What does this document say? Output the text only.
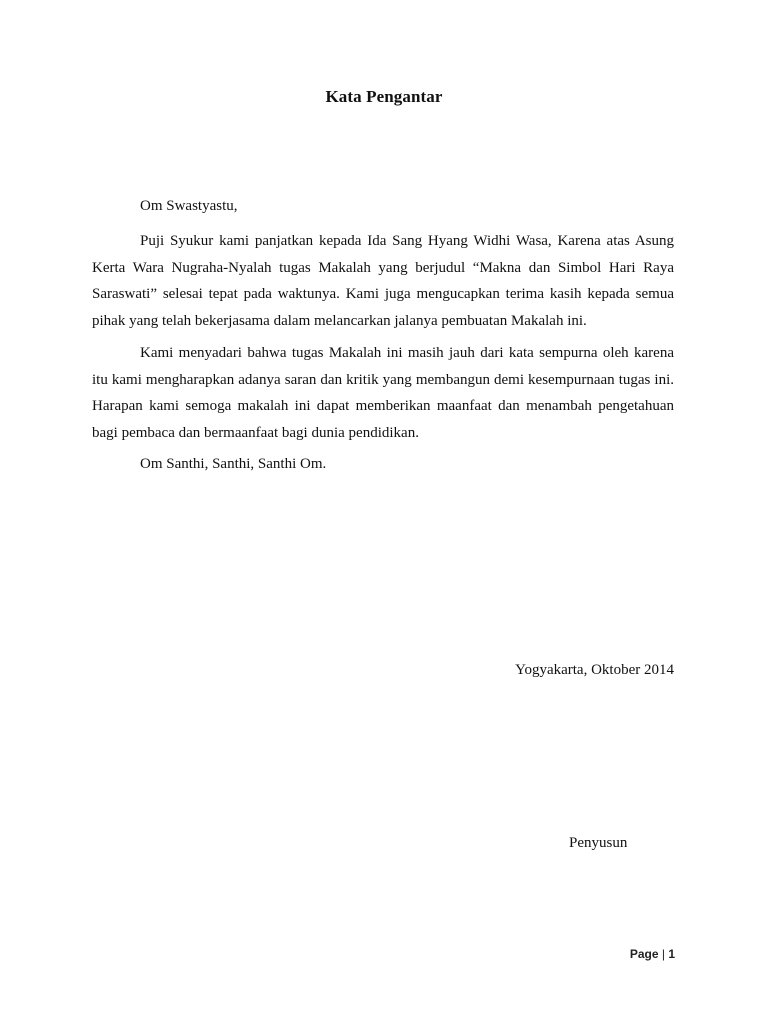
Kata Pengantar
Om Swastyastu,

Puji Syukur kami panjatkan kepada Ida Sang Hyang Widhi Wasa, Karena atas Asung Kerta Wara Nugraha-Nyalah tugas Makalah yang berjudul “Makna dan Simbol Hari Raya Saraswati” selesai tepat pada waktunya. Kami juga mengucapkan terima kasih kepada semua pihak yang telah bekerjasama dalam melancarkan jalanya pembuatan Makalah ini.

Kami menyadari bahwa tugas Makalah ini masih jauh dari kata sempurna oleh karena itu kami mengharapkan adanya saran dan kritik yang membangun demi kesempurnaan tugas ini. Harapan kami semoga makalah ini dapat memberikan maanfaat dan menambah pengetahuan bagi pembaca dan bermaanfaat bagi dunia pendidikan.

Om Santhi, Santhi, Santhi Om.
Yogyakarta, Oktober 2014
Penyusun
Page | 1
